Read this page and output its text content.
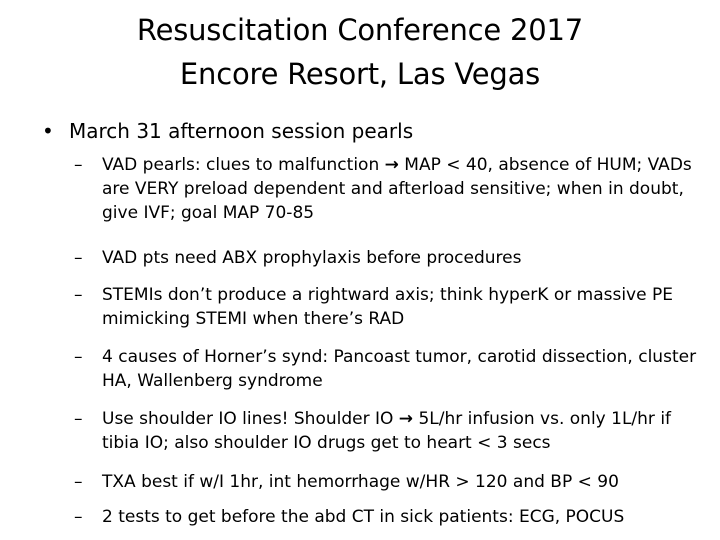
Resuscitation Conference 2017
Encore Resort, Las Vegas
• March 31 afternoon session pearls
– VAD pearls: clues to malfunction → MAP < 40, absence of HUM; VADs are VERY preload dependent and afterload sensitive; when in doubt, give IVF; goal MAP 70-85
– VAD pts need ABX prophylaxis before procedures
– STEMIs don’t produce a rightward axis; think hyperK or massive PE mimicking STEMI when there’s RAD
– 4 causes of Horner’s synd: Pancoast tumor, carotid dissection, cluster HA, Wallenberg syndrome
– Use shoulder IO lines! Shoulder IO → 5L/hr infusion vs. only 1L/hr if tibia IO; also shoulder IO drugs get to heart < 3 secs
– TXA best if w/I 1hr, int hemorrhage w/HR > 120 and BP < 90
– 2 tests to get before the abd CT in sick patients: ECG, POCUS
